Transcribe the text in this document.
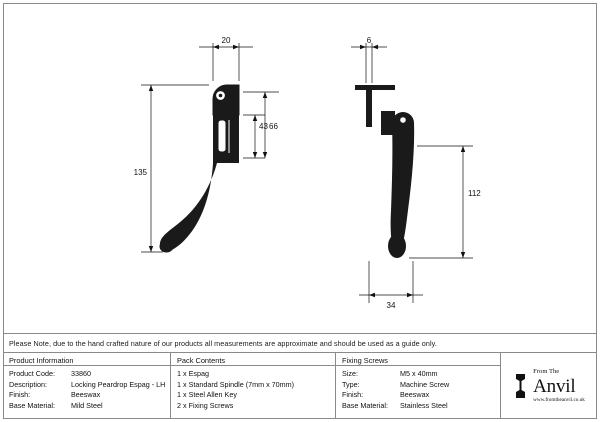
20
135
43 66
6
112
34
Please Note, due to the hand crafted nature of our products all measurements are approximate and should be used as a guide only.
Product Information
Product Code:	33860
Description:	Locking Peardrop Espag - LH
Finish:	Beeswax
Base Material:	Mild Steel
Pack Contents
1 x Espag
1 x Standard Spindle (7mm x 70mm)
1 x Steel Allen Key
2 x Fixing Screws
Fixing Screws
Size:	M5 x 40mm
Type:	Machine Screw
Finish:	Beeswax
Base Material:	Stainless Steel
From The
Anvil
www.fromtheanvil.co.uk
